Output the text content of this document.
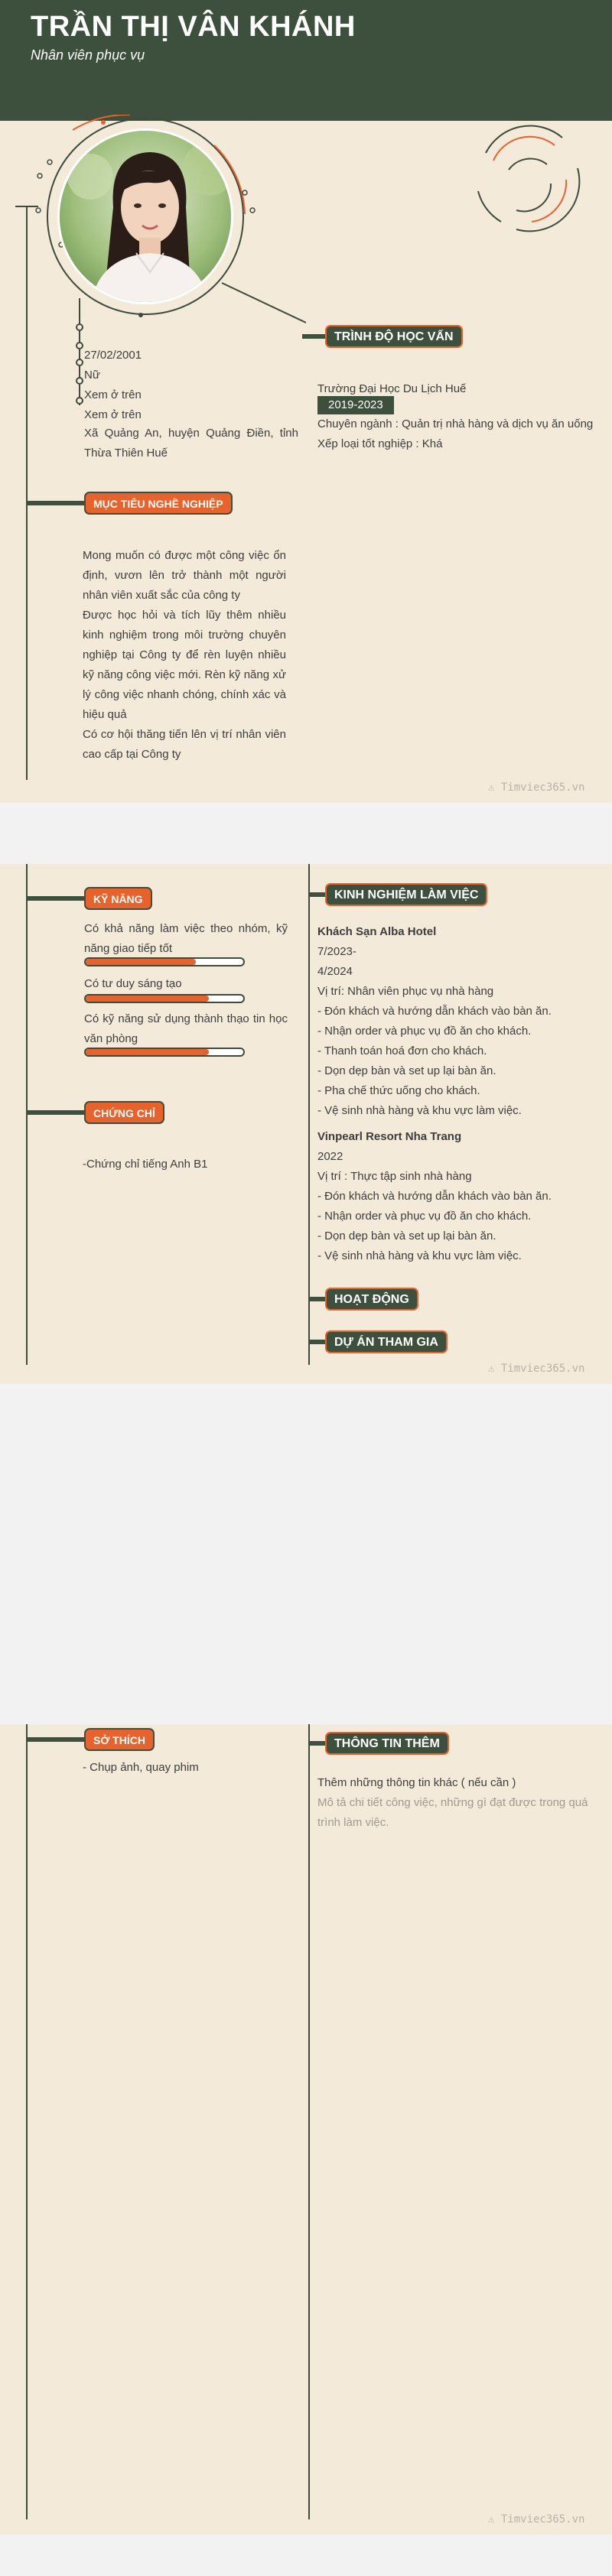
TRẦN THỊ VÂN KHÁNH
Nhân viên phục vụ
27/02/2001
Nữ
Xem ở trên
Xem ở trên
Xã Quảng An, huyện Quảng Điền, tỉnh Thừa Thiên Huế
MỤC TIÊU NGHỀ NGHIỆP
Mong muốn có được một công việc ổn định, vươn lên trở thành một người nhân viên xuất sắc của công ty
Được học hỏi và tích lũy thêm nhiều kinh nghiệm trong môi trường chuyên nghiệp tại Công ty để rèn luyện nhiều kỹ năng công việc mới. Rèn kỹ năng xử lý công việc nhanh chóng, chính xác và hiệu quả
Có cơ hội thăng tiến lên vị trí nhân viên cao cấp tại Công ty
TRÌNH ĐỘ HỌC VẤN
Trường Đại Học Du Lịch Huế
2019-2023
Chuyên ngành : Quản trị nhà hàng và dịch vụ ăn uống
Xếp loại tốt nghiệp : Khá
⚠ Timviec365.vn
KỸ NĂNG
Có khả năng làm việc theo nhóm, kỹ năng giao tiếp tốt
Có tư duy sáng tạo
Có kỹ năng sử dụng thành thạo tin học văn phòng
CHỨNG CHỈ
-Chứng chỉ tiếng Anh B1
KINH NGHIỆM LÀM VIỆC
Khách Sạn Alba Hotel
7/2023-
4/2024
Vị trí: Nhân viên phục vụ nhà hàng
- Đón khách và hướng dẫn khách vào bàn ăn.
- Nhận order và phục vụ đồ ăn cho khách.
- Thanh toán hoá đơn cho khách.
- Dọn dẹp bàn và set up lại bàn ăn.
- Pha chế thức uống cho khách.
- Vệ sinh nhà hàng và khu vực làm việc.
Vinpearl Resort Nha Trang
2022
Vị trí : Thực tập sinh nhà hàng
- Đón khách và hướng dẫn khách vào bàn ăn.
- Nhận order và phục vụ đồ ăn cho khách.
- Dọn dẹp bàn và set up lại bàn ăn.
- Vệ sinh nhà hàng và khu vực làm việc.
HOẠT ĐỘNG
DỰ ÁN THAM GIA
⚠ Timviec365.vn
SỞ THÍCH
- Chụp ảnh, quay phim
THÔNG TIN THÊM
Thêm những thông tin khác ( nếu cần )
Mô tả chi tiết công việc, những gì đạt được trong quá trình làm việc.
⚠ Timviec365.vn
